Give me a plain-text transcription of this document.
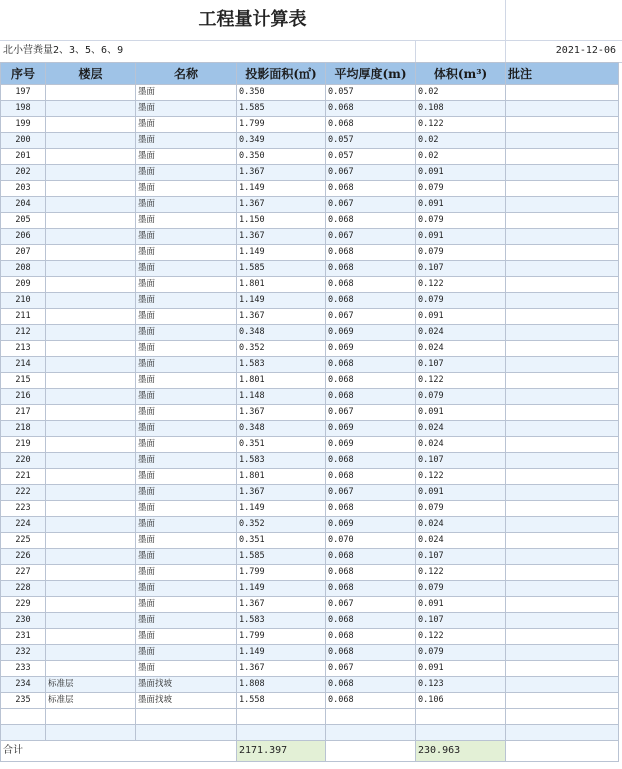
工程量计算表
北小营粪量2、3、5、6、9	2021-12-06
序号	楼层	名称	投影面积(㎡)	平均厚度(m)	体积(m³)	批注
197		墨面	0.350	0.057	0.02	
198		墨面	1.585	0.068	0.108	
199		墨面	1.799	0.068	0.122	
200		墨面	0.349	0.057	0.02	
201		墨面	0.350	0.057	0.02	
202		墨面	1.367	0.067	0.091	
203		墨面	1.149	0.068	0.079	
204		墨面	1.367	0.067	0.091	
205		墨面	1.150	0.068	0.079	
206		墨面	1.367	0.067	0.091	
207		墨面	1.149	0.068	0.079	
208		墨面	1.585	0.068	0.107	
209		墨面	1.801	0.068	0.122	
210		墨面	1.149	0.068	0.079	
211		墨面	1.367	0.067	0.091	
212		墨面	0.348	0.069	0.024	
213		墨面	0.352	0.069	0.024	
214		墨面	1.583	0.068	0.107	
215		墨面	1.801	0.068	0.122	
216		墨面	1.148	0.068	0.079	
217		墨面	1.367	0.067	0.091	
218		墨面	0.348	0.069	0.024	
219		墨面	0.351	0.069	0.024	
220		墨面	1.583	0.068	0.107	
221		墨面	1.801	0.068	0.122	
222		墨面	1.367	0.067	0.091	
223		墨面	1.149	0.068	0.079	
224		墨面	0.352	0.069	0.024	
225		墨面	0.351	0.070	0.024	
226		墨面	1.585	0.068	0.107	
227		墨面	1.799	0.068	0.122	
228		墨面	1.149	0.068	0.079	
229		墨面	1.367	0.067	0.091	
230		墨面	1.583	0.068	0.107	
231		墨面	1.799	0.068	0.122	
232		墨面	1.149	0.068	0.079	
233		墨面	1.367	0.067	0.091	
234	标准层	墨面找坡	1.808	0.068	0.123	
235	标准层	墨面找坡	1.558	0.068	0.106	

合计			2171.397		230.963	
